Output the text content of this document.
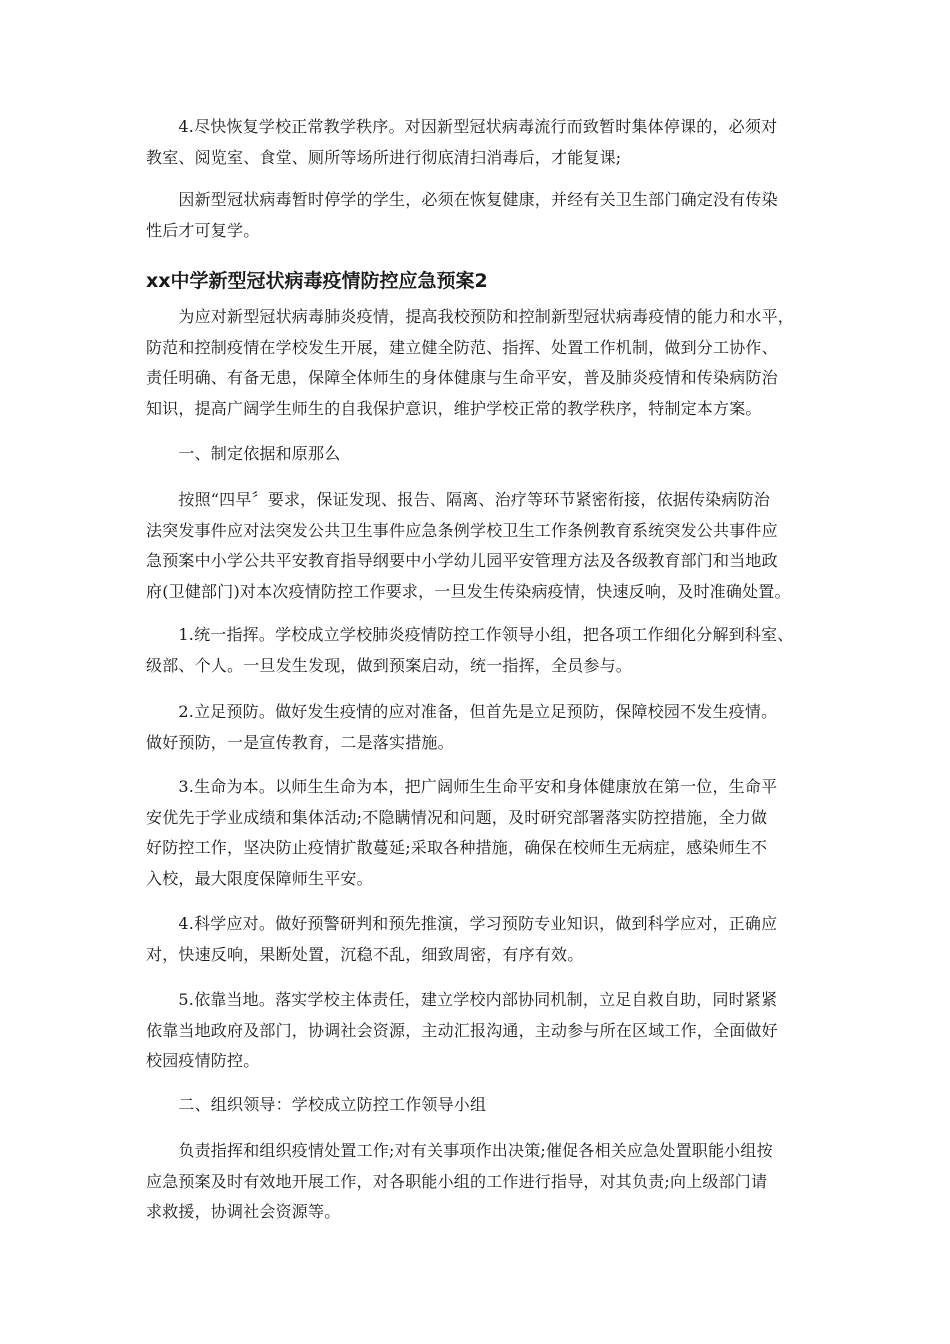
　　4.尽快恢复学校正常教学秩序。对因新型冠状病毒流行而致暂时集体停课的，必须对
教室、阅览室、食堂、厕所等场所进行彻底清扫消毒后，才能复课;

　　因新型冠状病毒暂时停学的学生，必须在恢复健康，并经有关卫生部门确定没有传染
性后才可复学。

xx中学新型冠状病毒疫情防控应急预案2

　　为应对新型冠状病毒肺炎疫情，提高我校预防和控制新型冠状病毒疫情的能力和水平，
防范和控制疫情在学校发生开展，建立健全防范、指挥、处置工作机制，做到分工协作、
责任明确、有备无患，保障全体师生的身体健康与生命平安，普及肺炎疫情和传染病防治
知识，提高广阔学生师生的自我保护意识，维护学校正常的教学秩序，特制定本方案。

　　一、制定依据和原那么

　　按照“四早〞要求，保证发现、报告、隔离、治疗等环节紧密衔接，依据传染病防治
法突发事件应对法突发公共卫生事件应急条例学校卫生工作条例教育系统突发公共事件应
急预案中小学公共平安教育指导纲要中小学幼儿园平安管理方法及各级教育部门和当地政
府(卫健部门)对本次疫情防控工作要求，一旦发生传染病疫情，快速反响，及时准确处置。

　　1.统一指挥。学校成立学校肺炎疫情防控工作领导小组，把各项工作细化分解到科室、
级部、个人。一旦发生发现，做到预案启动，统一指挥，全员参与。

　　2.立足预防。做好发生疫情的应对准备，但首先是立足预防，保障校园不发生疫情。
做好预防，一是宣传教育，二是落实措施。

　　3.生命为本。以师生生命为本，把广阔师生生命平安和身体健康放在第一位，生命平
安优先于学业成绩和集体活动;不隐瞒情况和问题，及时研究部署落实防控措施，全力做
好防控工作，坚决防止疫情扩散蔓延;采取各种措施，确保在校师生无病症，感染师生不
入校，最大限度保障师生平安。

　　4.科学应对。做好预警研判和预先推演，学习预防专业知识，做到科学应对，正确应
对，快速反响，果断处置，沉稳不乱，细致周密，有序有效。

　　5.依靠当地。落实学校主体责任，建立学校内部协同机制，立足自救自助，同时紧紧
依靠当地政府及部门，协调社会资源，主动汇报沟通，主动参与所在区域工作，全面做好
校园疫情防控。

　　二、组织领导：学校成立防控工作领导小组

　　负责指挥和组织疫情处置工作;对有关事项作出决策;催促各相关应急处置职能小组按
应急预案及时有效地开展工作，对各职能小组的工作进行指导，对其负责;向上级部门请
求救援，协调社会资源等。
